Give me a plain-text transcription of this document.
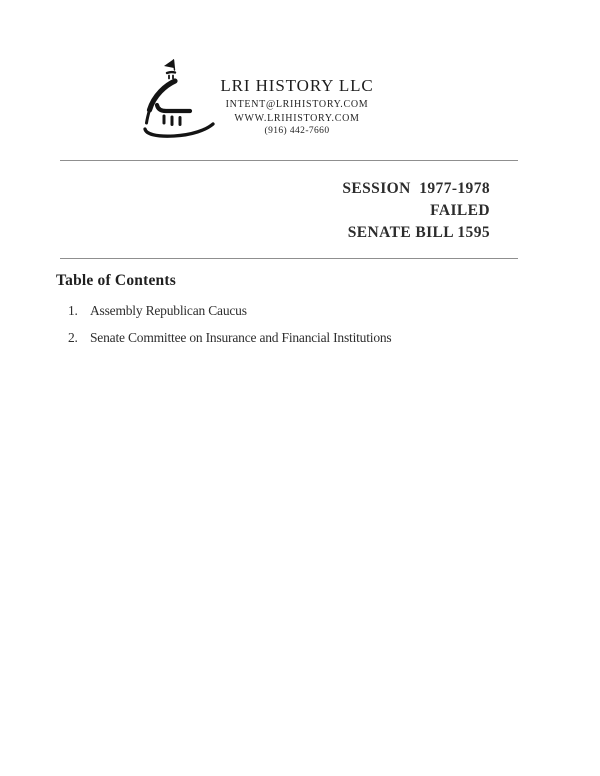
LRI HISTORY LLC
INTENT@LRIHISTORY.COM
WWW.LRIHISTORY.COM
(916) 442-7660
SESSION  1977-1978
FAILED
SENATE BILL 1595
Table of Contents
1. Assembly Republican Caucus
2. Senate Committee on Insurance and Financial Institutions
